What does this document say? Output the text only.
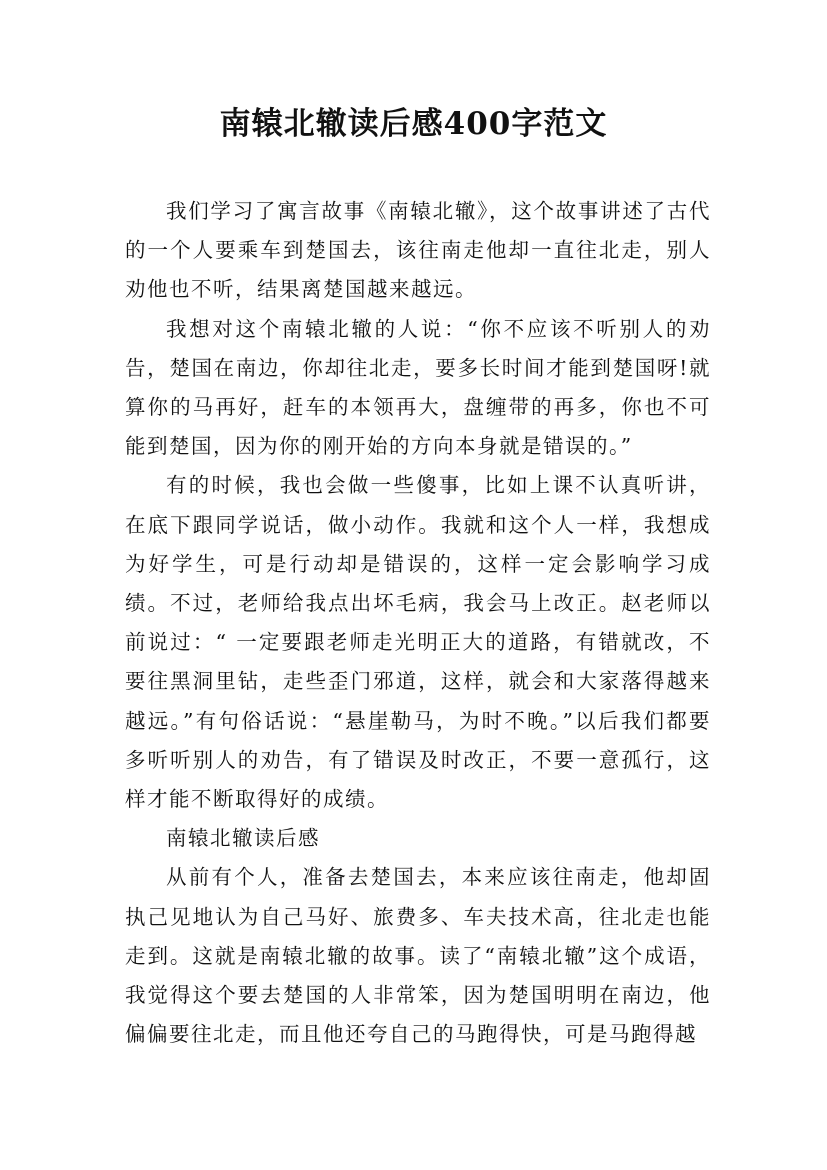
南辕北辙读后感400字范文

我们学习了寓言故事《南辕北辙》，这个故事讲述了古代的一个人要乘车到楚国去，该往南走他却一直往北走，别人劝他也不听，结果离楚国越来越远。

我想对这个南辕北辙的人说：“你不应该不听别人的劝告，楚国在南边，你却往北走，要多长时间才能到楚国呀!就算你的马再好，赶车的本领再大，盘缠带的再多，你也不可能到楚国，因为你的刚开始的方向本身就是错误的。”

有的时候，我也会做一些傻事，比如上课不认真听讲，在底下跟同学说话，做小动作。我就和这个人一样，我想成为好学生，可是行动却是错误的，这样一定会影响学习成绩。不过，老师给我点出坏毛病，我会马上改正。赵老师以前说过：“ 一定要跟老师走光明正大的道路，有错就改，不要往黑洞里钻，走些歪门邪道，这样，就会和大家落得越来越远。”有句俗话说：“悬崖勒马，为时不晚。”以后我们都要多听听别人的劝告，有了错误及时改正，不要一意孤行，这样才能不断取得好的成绩。

南辕北辙读后感

从前有个人，准备去楚国去，本来应该往南走，他却固执己见地认为自己马好、旅费多、车夫技术高，往北走也能走到。这就是南辕北辙的故事。读了“南辕北辙”这个成语，我觉得这个要去楚国的人非常笨，因为楚国明明在南边，他偏偏要往北走，而且他还夸自己的马跑得快，可是马跑得越
